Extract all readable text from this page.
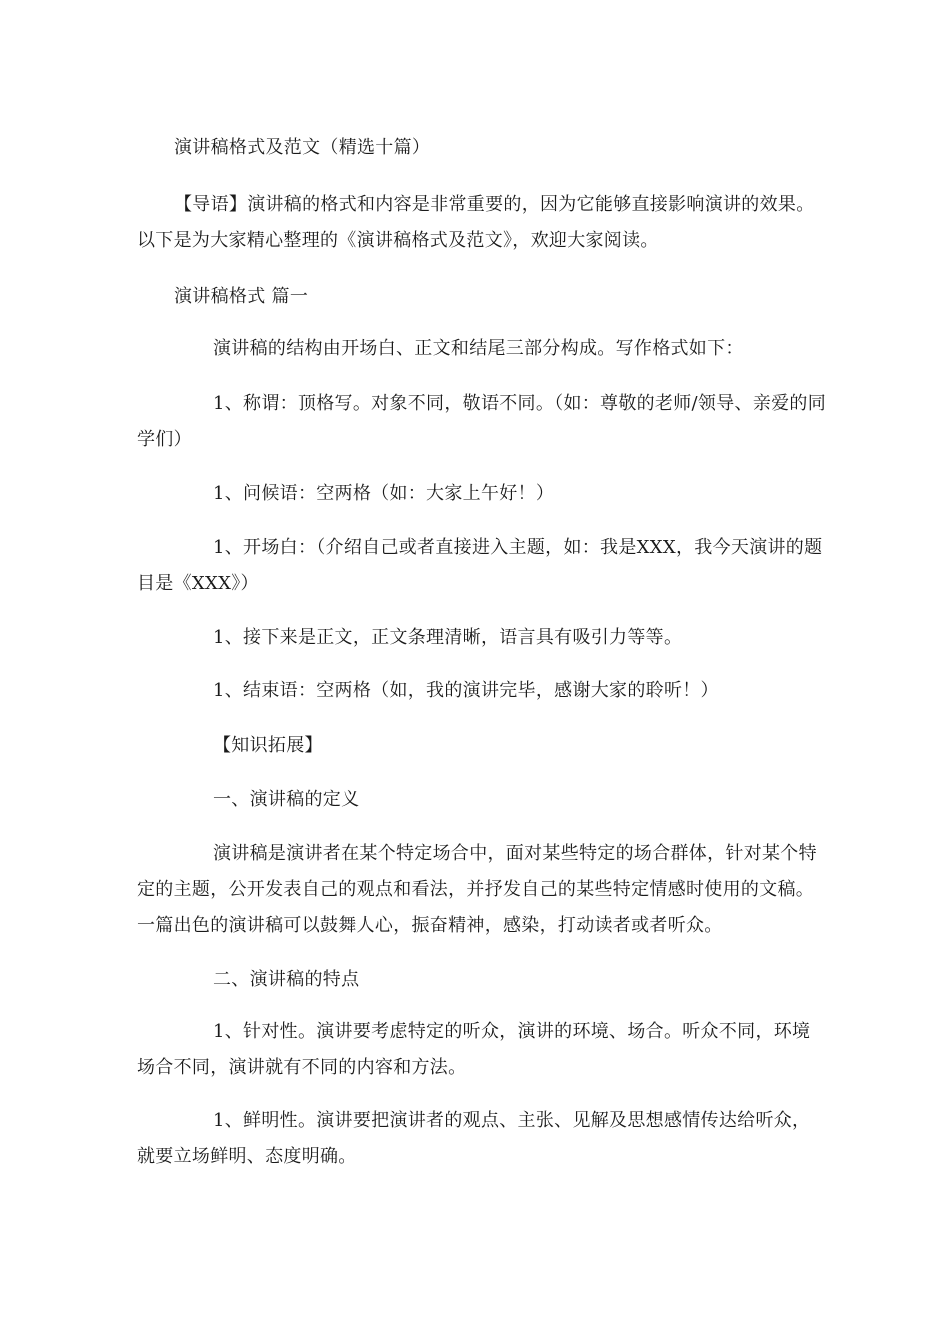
演讲稿格式及范文（精选十篇）
【导语】演讲稿的格式和内容是非常重要的，因为它能够直接影响演讲的效果。以下是为大家精心整理的《演讲稿格式及范文》，欢迎大家阅读。
演讲稿格式 篇一
演讲稿的结构由开场白、正文和结尾三部分构成。写作格式如下：
1、称谓：顶格写。对象不同，敬语不同。（如：尊敬的老师/领导、亲爱的同学们）
1、问候语：空两格（如：大家上午好！）
1、开场白：（介绍自己或者直接进入主题，如：我是XXX，我今天演讲的题目是《XXX》）
1、接下来是正文，正文条理清晰，语言具有吸引力等等。
1、结束语：空两格（如，我的演讲完毕，感谢大家的聆听！）
【知识拓展】
一、演讲稿的定义
演讲稿是演讲者在某个特定场合中，面对某些特定的场合群体，针对某个特定的主题，公开发表自己的观点和看法，并抒发自己的某些特定情感时使用的文稿。一篇出色的演讲稿可以鼓舞人心，振奋精神，感染，打动读者或者听众。
二、演讲稿的特点
1、针对性。演讲要考虑特定的听众，演讲的环境、场合。听众不同，环境场合不同，演讲就有不同的内容和方法。
1、鲜明性。演讲要把演讲者的观点、主张、见解及思想感情传达给听众，就要立场鲜明、态度明确。
